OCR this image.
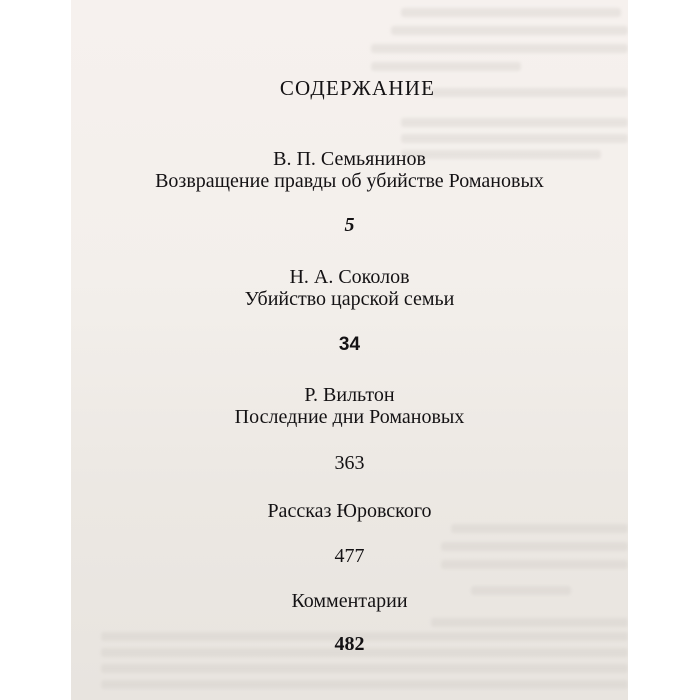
СОДЕРЖАНИЕ
В. П. Семьянинов
Возвращение правды об убийстве Романовых
5
Н. А. Соколов
Убийство царской семьи
34
Р. Вильтон
Последние дни Романовых
363
Рассказ Юровского
477
Комментарии
482
